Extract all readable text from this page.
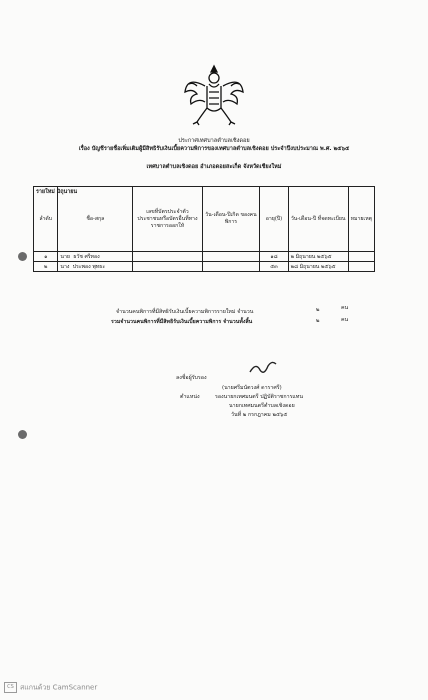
ประกาศเทศบาลตำบลเชิงดอย
เรื่อง บัญชีรายชื่อเพิ่มเติมผู้มีสิทธิรับเงินเบี้ยความพิการของเทศบาลตำบลเชิงดอย ประจำปีงบประมาณ พ.ศ. ๒๕๖๕
เทศบาลตำบลเชิงดอย อำเภอดอยสะเก็ด จังหวัดเชียงใหม่
ลำดับ	ชื่อ-สกุล	เลขที่บัตรประจำตัวประชาชนหรือบัตรอื่นที่ทางราชการออกให้	วัน-เดือน-ปีเกิด ของคนพิการ	อายุ(ปี)	วัน-เดือน-ปี ที่จดทะเบียน	หมายเหตุ
๑	นาย ธวัช ศรีทอง			๑๘	๒ มิถุนายน ๒๕๖๕	
๒	นาง ประพอง พุทธะ			๕๓	๒๘ มิถุนายน ๒๕๖๕	
รายใหม่ มิถุนายน
จำนวนคนพิการที่มีสิทธิรับเงินเบี้ยความพิการรายใหม่ จำนวน	๒	คน
รวมจำนวนคนพิการที่มีสิทธิรับเงินเบี้ยความพิการ จำนวนทั้งสิ้น	๒	คน
ลงชื่อผู้รับรอง
(นายศรีมนัตวงศ์ ดาราศรี)
ตำแหน่ง	รองนายกเทศมนตรี ปฏิบัติราชการแทน
นายกเทศมนตรีตำบลเชิงดอย
วันที่ ๒ กรกฎาคม ๒๕๖๕
CS สแกนด้วย CamScanner
